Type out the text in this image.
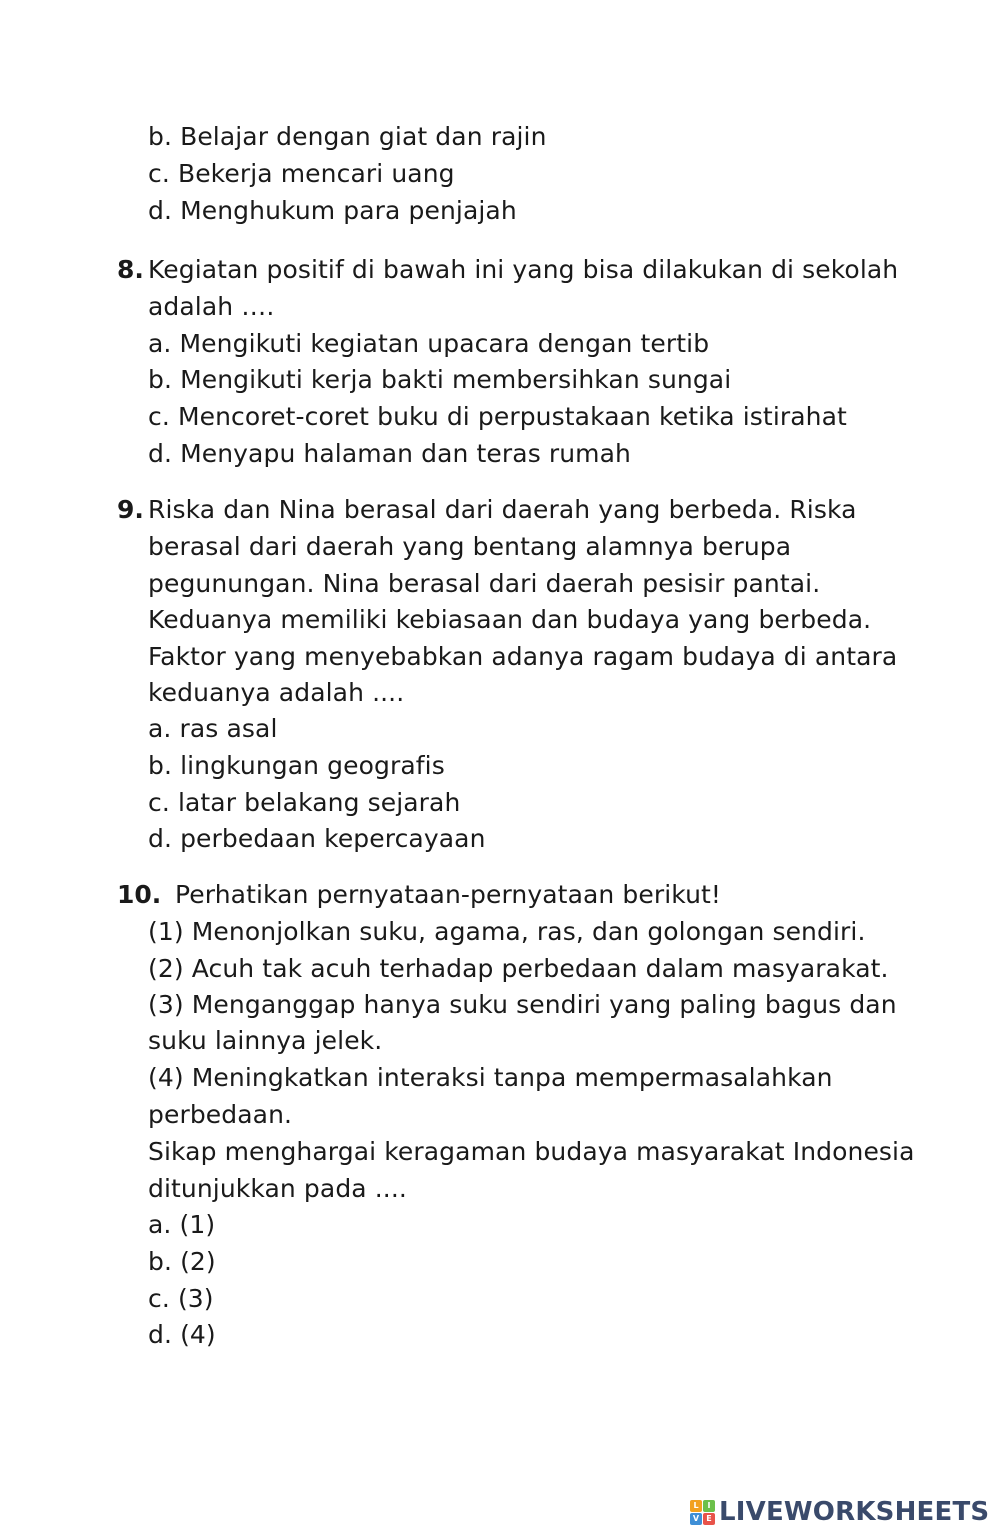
b. Belajar dengan giat dan rajin
c. Bekerja mencari uang
d. Menghukum para penjajah
8. Kegiatan positif di bawah ini yang bisa dilakukan di sekolah
adalah ….
a. Mengikuti kegiatan upacara dengan tertib
b. Mengikuti kerja bakti membersihkan sungai
c. Mencoret-coret buku di perpustakaan ketika istirahat
d. Menyapu halaman dan teras rumah
9. Riska dan Nina berasal dari daerah yang berbeda. Riska
berasal dari daerah yang bentang alamnya berupa
pegunungan. Nina berasal dari daerah pesisir pantai.
Keduanya memiliki kebiasaan dan budaya yang berbeda.
Faktor yang menyebabkan adanya ragam budaya di antara
keduanya adalah ....
a. ras asal
b. lingkungan geografis
c. latar belakang sejarah
d. perbedaan kepercayaan
10. Perhatikan pernyataan-pernyataan berikut!
(1) Menonjolkan suku, agama, ras, dan golongan sendiri.
(2) Acuh tak acuh terhadap perbedaan dalam masyarakat.
(3) Menganggap hanya suku sendiri yang paling bagus dan
suku lainnya jelek.
(4) Meningkatkan interaksi tanpa mempermasalahkan
perbedaan.
Sikap menghargai keragaman budaya masyarakat Indonesia
ditunjukkan pada ....
a. (1)
b. (2)
c. (3)
d. (4)
L	I
V E LIVEWORKSHEETS
